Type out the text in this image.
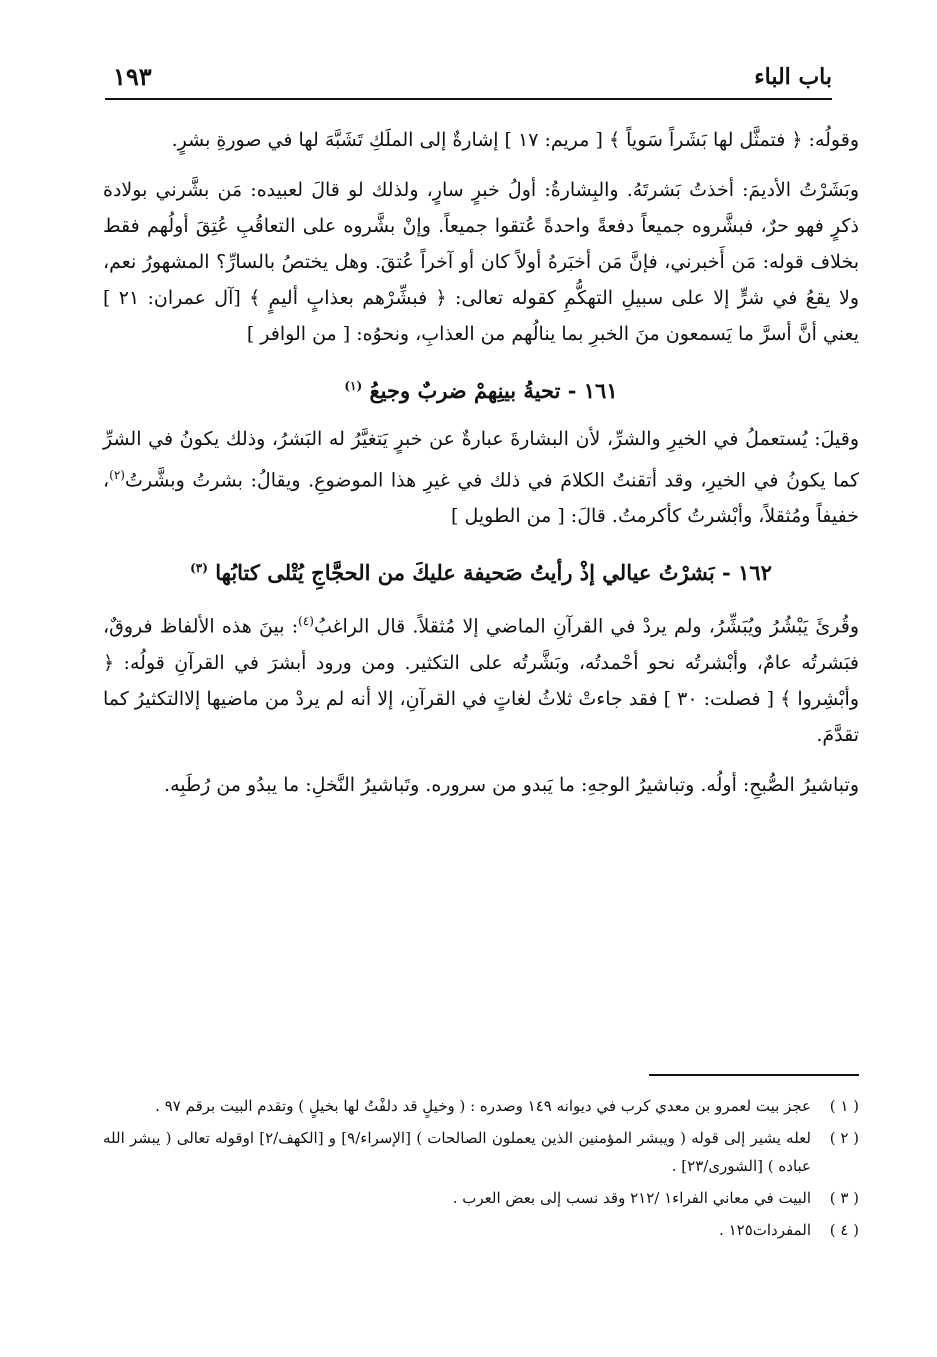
١٩٣	باب الباء

وقولُه: ﴿ فتمثَّل لها بَشَراً سَوياً ﴾ [ مريم: ١٧ ] إشارةٌ إلى الملَكِ تَشَبَّهَ لها في صورةِ بشرٍ.

وبَشَرْتُ الأديمَ: أخذتُ بَشرتَهُ. والبِشارةُ: أولُ خبرٍ سارٍ، ولذلك لو قالَ لعبيده: مَن بشَّرني بولادة ذكرٍ فهو حرٌ، فبشَّروه جميعاً دفعةً واحدةً عُتقوا جميعاً. وإنْ بشَّروه على التعاقُبِ عُتِقَ أولُهم فقط بخلاف قوله: مَن أَخبرني، فإنَّ مَن أخبَرهُ أولاً كان أو آخراً عُتقَ. وهل يختصُ بالسارِّ؟ المشهورُ نعم، ولا يقعُ في شرٍّ إلا على سبيلِ التهكُّمِ كقوله تعالى: ﴿ فبشِّرْهم بعذابٍ أليمٍ ﴾ [آل عمران: ٢١ ] يعني أنَّ أسرَّ ما يَسمعون منَ الخبرِ بما ينالُهم من العذابِ، ونحوُه: [ من الوافر ]

١٦١ - تحيةُ بينِهمْ ضربٌ وجيعُ $^{(١)}$

وقيلَ: يُستعملُ في الخيرِ والشرِّ، لأن البشارةَ عبارةٌ عن خبرٍ يَتغيَّرُ له البَشرُ، وذلك يكونُ في الشرِّ كما يكونُ في الخيرِ، وقد أتقنتُ الكلامَ في ذلك في غيرِ هذا الموضوعِ. ويقالُ: بشرتُ وبشَّرتُ$^{(٢)}$، خفيفاً ومُثقلاً، وأبْشرتُ كأكرمتُ. قالَ: [ من الطويل ]

١٦٢ - بَشرْتُ عيالي إذْ رأيتُ صَحيفة عليكَ من الحجَّاجِ يُتْلى كتابُها $^{(٣)}$

وقُرئَ يَبْشُرُ ويُبَشِّرُ، ولم يردْ في القرآنِ الماضي إلا مُثقلاً. قال الراغبُ$^{(٤)}$: بينَ هذه الألفاظ فروقٌ، فبَشرتُه عامٌ، وأبْشرتُه نحو أحْمدتُه، وبَشَّرتُه على التكثير. ومن ورود أبشرَ في القرآنِ قولُه: ﴿ وأبْشِروا ﴾ [ فصلت: ٣٠ ] فقد جاءتْ ثلاثُ لغاتٍ في القرآنِ، إلا أنه لم يردْ من ماضيها إلاالتكثيرُ كما تقدَّمَ.

وتباشيرُ الصُّبحِ: أولُه. وتباشيرُ الوجهِ: ما يَبدو من سروره. وتَباشيرُ النَّخلِ: ما يبدُو من رُطَبِه.

( ١ )
عجز بيت لعمرو بن معدي كرب في ديوانه ١٤٩ وصدره : ( وخيلٍ قد دلفْتُ لها بخيلٍ ) وتقدم البيت برقم ٩٧ .
( ٢ )
لعله يشير إلى قوله ( ويبشر المؤمنين الذين يعملون الصالحات ) [الإسراء/٩] و [الكهف/٢] اوقوله تعالى ( يبشر الله عباده ) [الشورى/٢٣] .
( ٣ )
البيت في معاني الفراء١ /٢١٢ وقد نسب إلى بعض العرب .
( ٤ )
المفردات١٢٥ .
